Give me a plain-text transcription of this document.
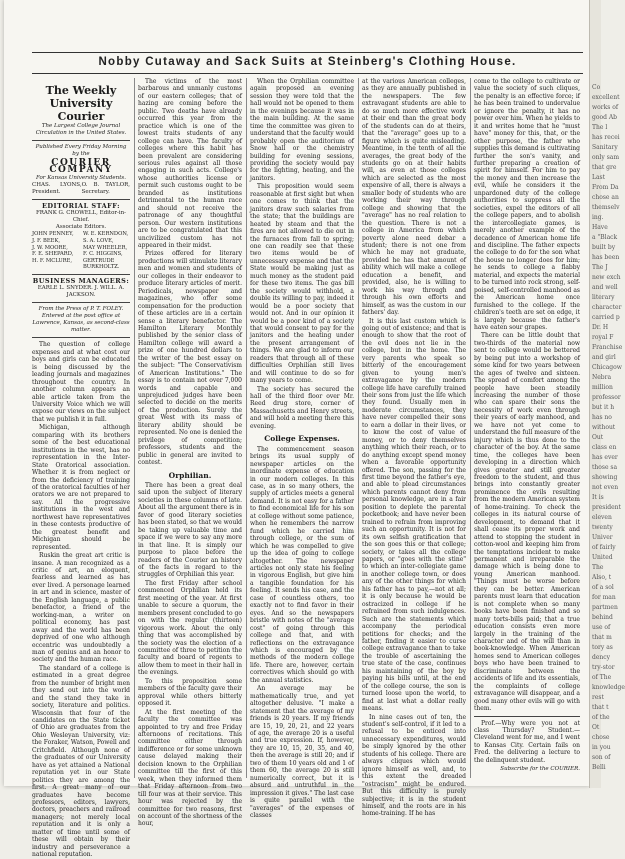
Nobby Cutaway and Sack Suits at Steinberg's Clothing House.
The Weekly University Courier
The Largest College Journal Circulation in the United States.
Published Every Friday Morning by the
COURIER COMPANY
For Kansas University Students.
CHAS. LYONS, President.
O. B. TAYLOR, Secretary.
EDITORIAL STAFF:
FRANK G. CROWELL, Editor-in-Chief.
Associate Editors.
JOHN PENNEY,
J. F. BEEK,
J. W. MOORE,
F. E. SHEPARD,
H. F. MCLURE,
W. E. KERNDON,
S. A. LOVE,
MAY WHEELER,
F. C. HIGGINS,
GERTRUDE BURKHOLTZ.
BUSINESS MANAGERS:
EARLE L. SNYDER. J. WILL. A. JACKSON.
From the Press of P. T. FOLEY.
Entered at the post office at Lawrence, Kansas, as second-class matter.

The question of college expenses and at what cost our boys and girls can be educated is being discussed by the leading journals and magazines throughout the country. In another column appears an able article taken from the University Voice which we will expose our views on the subject that we publish it in full.

Michigan, although comparing with its brothers some of the best educational institutions in the west, has no representation in the Inter-State Oratorical association. Whether it is from neglect or from the deficiency of training of the oratorical faculties of her orators we are not prepared to say. All the progressive institutions in the west and northwest have representatives in these contests productive of the greatest benefit and Michigan should be represented.

Ruskin the great art critic is insane. A man recognized as a critic of art, an eloquent, fearless and learned as has ever lived. A personage learned in art and in science, master of the English language, a public benefactor, a friend of the working-man, a writer on political economy, has past away and the world has been deprived of one who although eccentric was undoubtedly a man of genius and an honor to society and the human race.

The standard of a college is estimated in a great degree from the number of bright men they send out into the world and the stand they take in society, literature and politics. Wisconsin that four of the candidates on the State ticket of Ohio are graduates from the Ohio Wesleyan University, viz: the Foraker, Watson, Powell and Critchfield. Although none of the graduates of our University have as yet attained a National reputation yet in our State politics they are among the first. A great many of our graduates have become professors, editors, lawyers, doctors, preachers and railroad managers; not merely local reputation and it is only a matter of time until some of these will obtain by their industry and perseverance a national reputation.

The victims of the most barbarous and unmanly customs of our eastern colleges; that of hazing are coming before the public. Two deaths have already occurred this year from the practice which is one of the lowest traits students of any college can have. The faculty of colleges where this habit has been prevalent are considering serious rules against all those engaging in such acts. College's whose authorities license or permit such customs ought to be branded as institutions detrimental to the human race and should not receive the patronage of any thoughtful person. Our western institutions are to be congratulated that this uncivilized custom has not appeared in their midst.

Prizes offered for literary productions will stimulate literary men and women and students of our colleges in their endeavor to produce literary articles of merit. Periodicals, newspaper and magazines, who offer some compensation for the production of these articles are in a certain sense a literary benefactor. The Hamilton Literary Monthly published by the senior class of Hamilton college will award a prize of one hundred dollars to the writer of the best essay on the subject: "The Conservativism of American Institutions." The essay is to contain not over 7,000 words and capable and unprejudiced judges have been selected to decide on the merits of the production. Surely the great West with its mass of literary ability should be represented. No one is denied the privilege of competition; professors, students and the public in general are invited to contest.

Orphilian.

There has been a great deal said upon the subject of literary societies in these columns of late. About all the argument there is in favor of good literary societies has been stated, so that we would be taking up valuable time and space if we were to say any more in that line. It is simply our purpose to place before the readers of the Courier an history of the facts in regard to the struggles of Orphilian this year.

The first Friday after school commenced Orphilian held its first meeting of the year. At first unable to secure a quorum, the members present concluded to go on with the regular (thirteen) vigorous work. About the only thing that was accomplished by the society was the election of a committee of three to petition the faculty and board of regents to allow them to meet in their hall in the evenings.

To this proposition some members of the faculty gave their approval while others bitterly opposed it.

At the first meeting of the faculty the committee was appointed to try and free Friday afternoons of recitations. This committee either through indifference or for some unknown cause delayed making their decision known to the Orphilian committee till the first of this week, when they informed them that Friday afternoon from two till four was at their service. This hour was rejected by the committee for two reasons, first on account of the shortness of the hour,

When the Orphilian committee again proposed an evening session they were told that the hall would not be opened to them in the evenings because it was in the main building. At the same time the committee was given to understand that the faculty would probably open the auditorium of Snow hall or the chemistry building for evening sessions, providing the society would pay for the lighting, heating, and the janitors.

This proposition would seem reasonable at first sight but when one comes to think that the janitors draw such salaries from the state; that the buildings are heated by steam and that the fires are not allowed to die out in the furnaces from fall to spring; one can readily see that these two items would be of unnecessary expense and that the State would be making just as much money as the student paid for these two items. The gas bill the society would withhold, a double its willing to pay, indeed it would be a poor society that would not. And in our opinion it would be a poor kind of a society that would consent to pay for the janitors and the heating under the present arrangement of things. We are glad to inform our readers that through all of these difficulties Orphilian still lives and will continue to do so for many years to come.

The society has secured the hall of the third floor over Mr. Reed drug store, corner of Massachusetts and Henry streets, and will hold a meeting there this evening.

College Expenses.

The commencement season brings its usual supply of newspaper articles on the inordinate expense of education in our modern colleges. In this case, as in so many others, the supply of articles meets a general demand. It is not easy for a father to find economical life for his son at college without some patience, when he remembers the narrow fund which he carried him through college, or the sum of which he was compelled to give up the idea of going to college altogether. The newspaper articles not only state his feeling in vigorous English, but give him a tangible foundation for his feeling. It sends his case, and the case of countless others, too exactly not to find favor in their eyes. And so the newspapers bristle with notes of the "average cost" of going through this college and that, and with reflections on the extravagance which is encouraged by the methods of the modern college life. There are, however, certain correctives which should go with the annual statistics.

An average may be mathematically true, and yet altogether delusive. "I make a statement that the average of my friends is 20 years. If my friends are 15, 19, 20, 21, and 22 years of age, the average 20 is a useful and true expression. If, however, they are 10, 15, 20, 35, and 40, then the average is still 20; and if two of them 10 years old and 1 of them 60, the average 20 is still numerically correct, but it is absurd and untruthful in the impression it gives." The last case is quite parallel with the "averages" of the expenses of classes

at the various American colleges, as they are annually published in the newspapers. The few extravagant students are able to do so much more effective work at their end than the great body of the students can do at theirs, that the "average" goes up to a figure which is quite misleading. Meantime, in the tenth of all the averages, the great body of the students go on at their habits will, as even at those colleges which are selected as the most expensive of all, there is always a smaller body of students who are working their way through college and showing that the "average" has no real relation to the question. There is not a college in America from which poverty alone need debar a student; there is not one from which he may not graduate, provided he has that amount of ability which will make a college education a benefit, and provided, also, he is willing to work his way through and through his own efforts and himself, as was the custom in our fathers' day.

It is this last custom which is going out of existence; and that is enough to show that the root of the evil does not lie in the college, but in the home. The very parents who speak so bitterly of the encouragement given to young men's extravagance by the modern college life have carefully trained their sons from just the life which they found. Usually men in moderate circumstances, they have never compelled their sons to earn a dollar in their lives, or to know the cost of value of money, or to deny themselves anything which their reach, or to do anything except spend money when a favorable opportunity offered. The son, passing for the first time beyond the father's eye, and able to plead circumstances which parents cannot deny from personal knowledge, are in a fair position to deplete the parental pocketbook; and have never been trained to refrain from improving such an opportunity. It is not for its own selfish gratification that the son goes this or that college; society, or takes all the college papers, or "goes with the stine" to which an inter-collegiate game in another college town, or does any of the other things for which his father has to pay,—not at all; it is only because he would be ostracized in college if he refrained from such indulgences. Such are the statements which accompany the periodical petitions for checks; and the father, finding it easier to curse college extravagance than to take the trouble of ascertaining the true state of the case, continues his maintaining of the boy by paying his bills until, at the end of the college course, the son is turned loose upon the world, to find at last what a dollar really means.

In nine cases out of ten, the student's self-control, if it led to a refusal to be enticed into unnecessary expenditures, would be simply ignored by the other students of his college. There are always cliques which would ignore himself as well, and, to this extent the dreaded "ostracism" might be endured. But this difficulty is purely subjective; it is in the student himself, and the roots are in his home-training. If he has

come to the college to cultivate or value the society of such cliques, the penalty is an effective force; if he has been trained to undervalue or ignore the penalty, it has no power over him. When he yields to it and writes home that he "must have" money for this, that, or the other purpose, the father who supplies this demand is cultivating further the son's vanity, and further preparing a creation of spirit for himself. For him to pay the money and then increase the evil, while he considers it the unpardoned duty of the college authorities to suppress all the societies, expel the editors of all the college papers, and to abolish the intercollegiate games, is merely another example of the decadence of American home life and discipline. The father expects the college to do for the son what the house no longer does for him; he sends to college a flabby material, and expects the material to be turned into rock strong, self-poised, self-controlled manhood as the American home once furnished to the college. If the children's teeth are set on edge, it is largely because the father's have eaten sour grapes.

There can be little doubt that two-thirds of the material now sent to college would be bettered by being put into a workshop of some kind for two years between the ages of twelve and sixteen. The spread of comfort among the people have been steadily increasing the number of those who can spare their sons the necessity of work even through their years of early manhood, and we have not yet come to understand the full measure of the injury which is thus done to the character of the boy. At the same time, the colleges have been developing in a direction which gives greater and still greater freedom to the student, and thus brings into constantly greater prominence the evils resulting from the modern American system of home-training. To check the colleges in its natural course of development, to demand that it shall cease its proper work and attend to stopping the student in cotton-wool and keeping him from the temptations incident to make permanent and irreparable the damage which is being done to young American manhood. "Things must be worse before they can be better. American parents must learn that education is not complete when so many books have been finished and so many torts-bills paid; that a true education consists even more largely in the training of the character and of the will than in book-knowledge. When American homes send to American colleges boys who have been trained to discriminate between the accidents of life and its essentials, the complaints of college extravagance will disappear, and a good many other evils will go with them.

Prof.—Why were you not at class Thursday? Student.—Cleveland went for me, and I went to Kansas City. Certain fails on Fred. the delivering a lecture to the delinquent student.

Subscribe for the COURIER.
Co
excellent
works of
good Ab
The l
has recei
Sanitary
only sam
that gre
Last
From Da
chose an
themselv
ing.
Have
a "Black
built by
has been
The J
new exch
and well
literary
character
carried p
Dr. H
royal F
Franchise
and girl
Chicagow
Nebra
million
professor
but it h
has no
without
Out
class en
has ever
those sa
showing
not even
It is
president
eleven
twenty
Univer
of fairly
United
The
Also, t
of a sol
for man
partmen
behind
use of
that m
tory as
dency
try-stor
of The
knowledge
rest
that t
of the
Ot
chose
in you
son of
Belli
